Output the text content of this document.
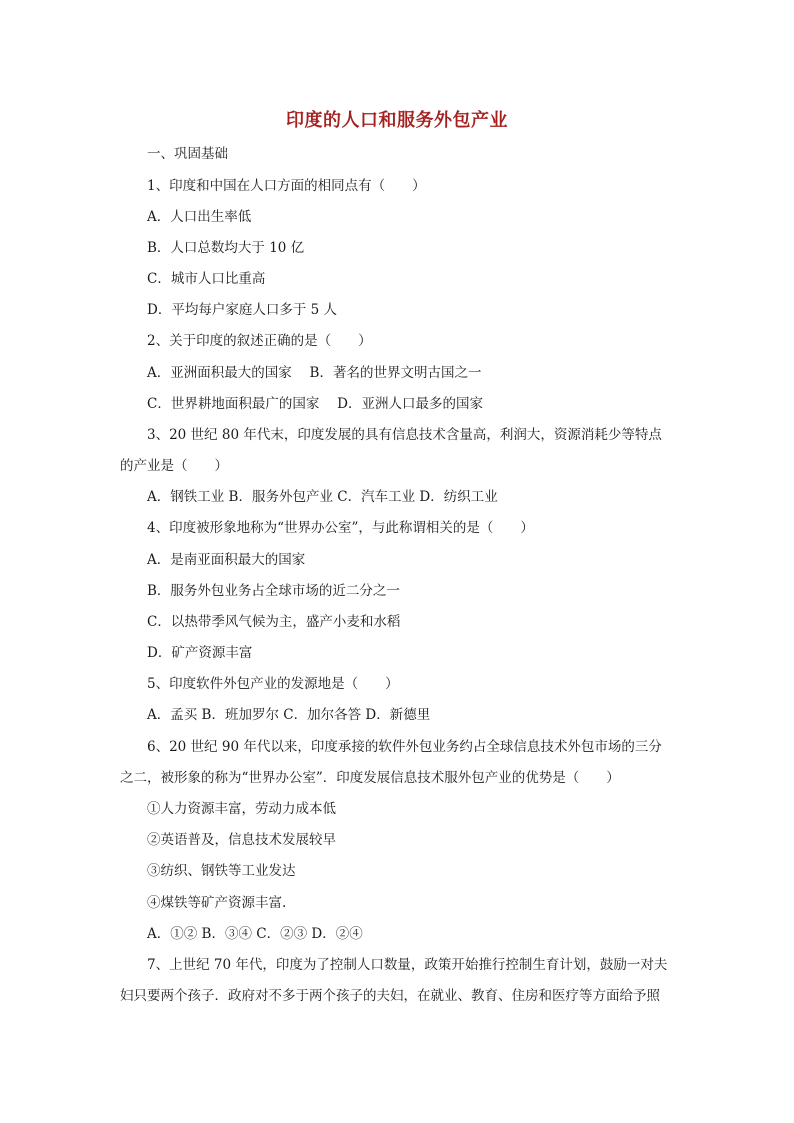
印度的人口和服务外包产业
一、巩固基础
1、印度和中国在人口方面的相同点有（　　）
A．人口出生率低
B．人口总数均大于 10 亿
C．城市人口比重高
D．平均每户家庭人口多于 5 人
2、关于印度的叙述正确的是（　　）
A．亚洲面积最大的国家　 B．著名的世界文明古国之一
C．世界耕地面积最广的国家　 D．亚洲人口最多的国家
3、20 世纪 80 年代末，印度发展的具有信息技术含量高，利润大，资源消耗少等特点
的产业是（　　）
A．钢铁工业 B．服务外包产业 C．汽车工业 D．纺织工业
4、印度被形象地称为“世界办公室”，与此称谓相关的是（　　）
A．是南亚面积最大的国家
B．服务外包业务占全球市场的近二分之一
C．以热带季风气候为主，盛产小麦和水稻
D．矿产资源丰富
5、印度软件外包产业的发源地是（　　）
A．孟买 B．班加罗尔 C．加尔各答 D．新德里
6、20 世纪 90 年代以来，印度承接的软件外包业务约占全球信息技术外包市场的三分
之二，被形象的称为“世界办公室”．印度发展信息技术服外包产业的优势是（　　）
①人力资源丰富，劳动力成本低
②英语普及，信息技术发展较早
③纺织、钢铁等工业发达
④煤铁等矿产资源丰富.
A．①② B．③④ C．②③ D．②④
7、上世纪 70 年代，印度为了控制人口数量，政策开始推行控制生育计划，鼓励一对夫
妇只要两个孩子．政府对不多于两个孩子的夫妇，在就业、教育、住房和医疗等方面给予照
